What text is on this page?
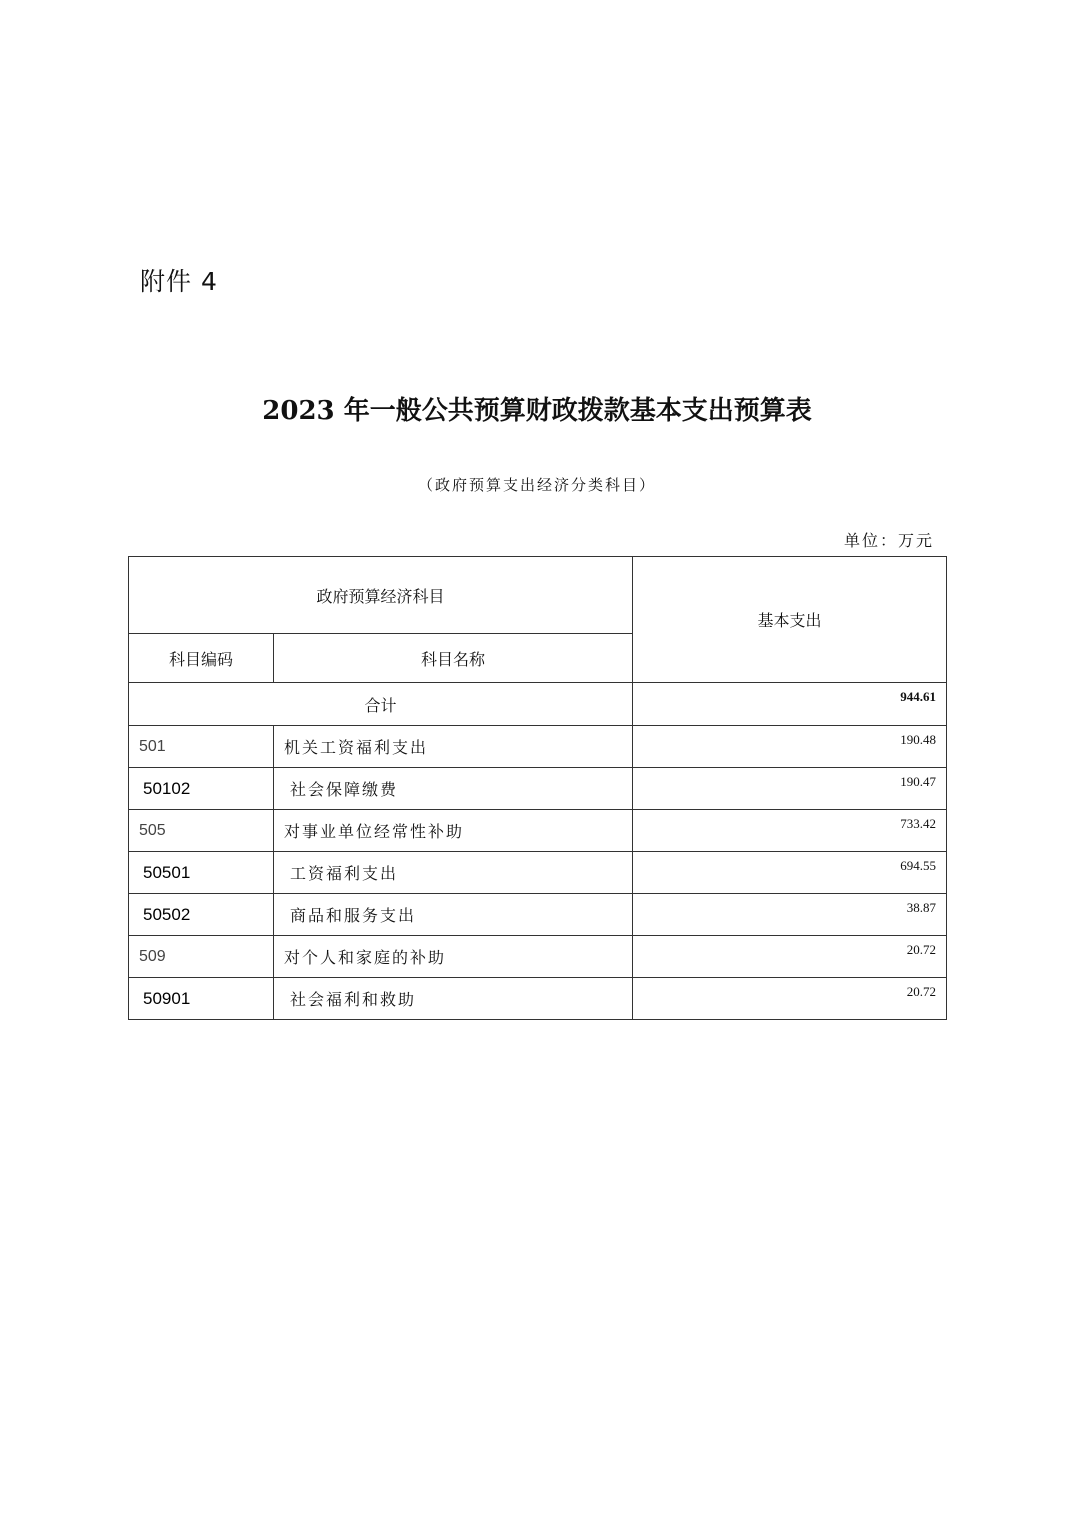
附件 4
2023 年一般公共预算财政拨款基本支出预算表
（政府预算支出经济分类科目）
单位：万元
政府预算经济科目		基本支出
科目编码	科目名称	
合计		944.61
501	机关工资福利支出	190.48
50102	社会保障缴费	190.47
505	对事业单位经常性补助	733.42
50501	工资福利支出	694.55
50502	商品和服务支出	38.87
509	对个人和家庭的补助	20.72
50901	社会福利和救助	20.72
